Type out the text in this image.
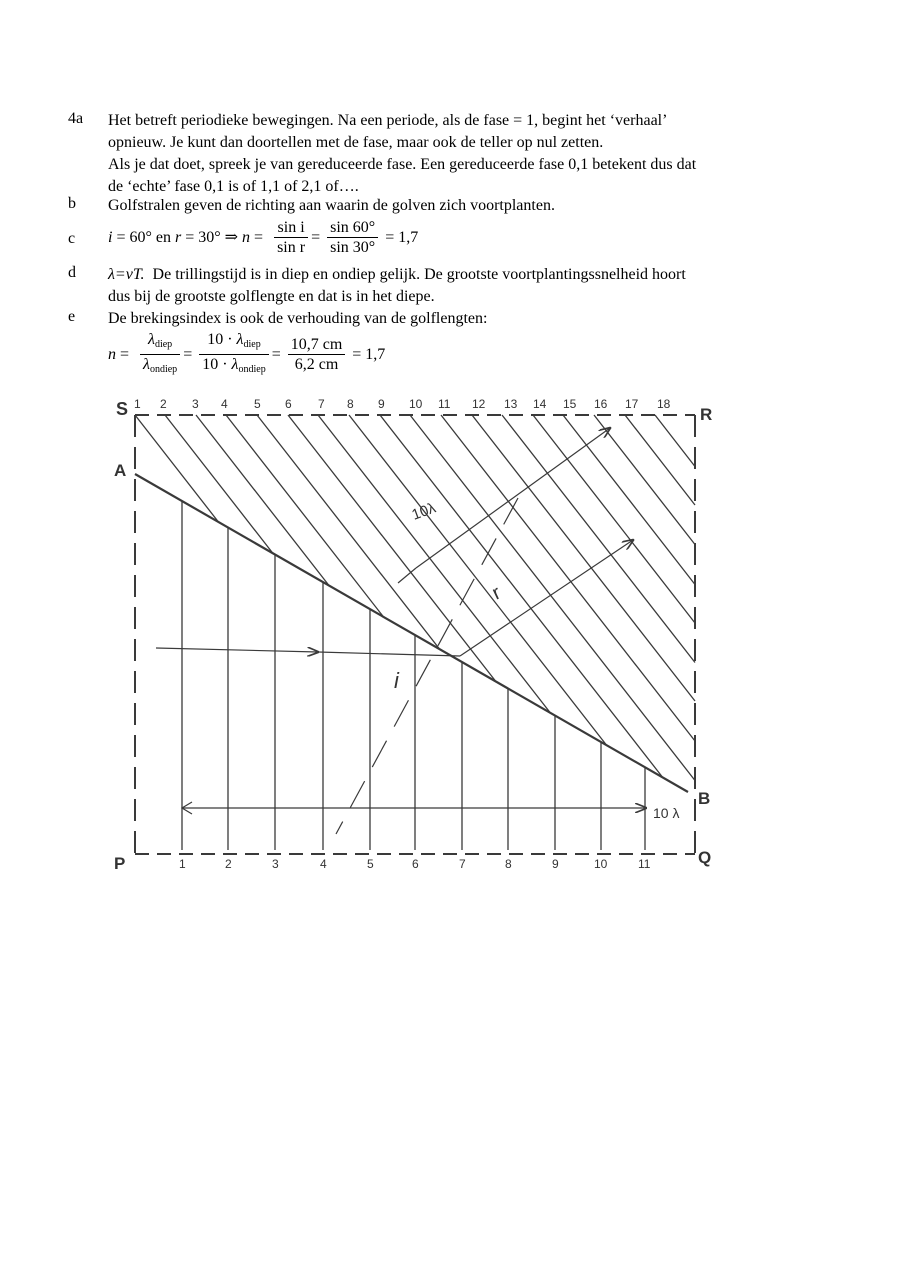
4a	Het betreft periodieke bewegingen. Na een periode, als de fase = 1, begint het ‘verhaal’
opnieuw. Je kunt dan doortellen met de fase, maar ook de teller op nul zetten.
Als je dat doet, spreek je van gereduceerde fase. Een gereduceerde fase 0,1 betekent dus dat
de ‘echte’ fase 0,1 is of 1,1 of 2,1 of….
b	Golfstralen geven de richting aan waarin de golven zich voortplanten.
c	i = 60° en r = 30° ⇒ $n = \frac{\text{sin i}}{\text{sin r}} = \frac{\sin 60^\circ}{\sin 30^\circ} = 1,7$
d	λ=vT.  De trillingstijd is in diep en ondiep gelijk. De grootste voortplantingssnelheid hoort
dus bij de grootste golflengte en dat is in het diepe.
e	De brekingsindex is ook de verhouding van de golflengten:
$n = \frac{\lambda_{diep}}{\lambda_{ondiep}} = \frac{10 \cdot \lambda_{diep}}{10 \cdot \lambda_{ondiep}} = \frac{10,7 cm}{6,2 cm} = 1,7$
S	R
A
B
P	Q
1 2 3 4 5 6 7 8 9 10 11 12 13 14 15 16 17 18
1	2	3	4	5	6	7	8	9	10	11
10λ
r
i
10 λ
